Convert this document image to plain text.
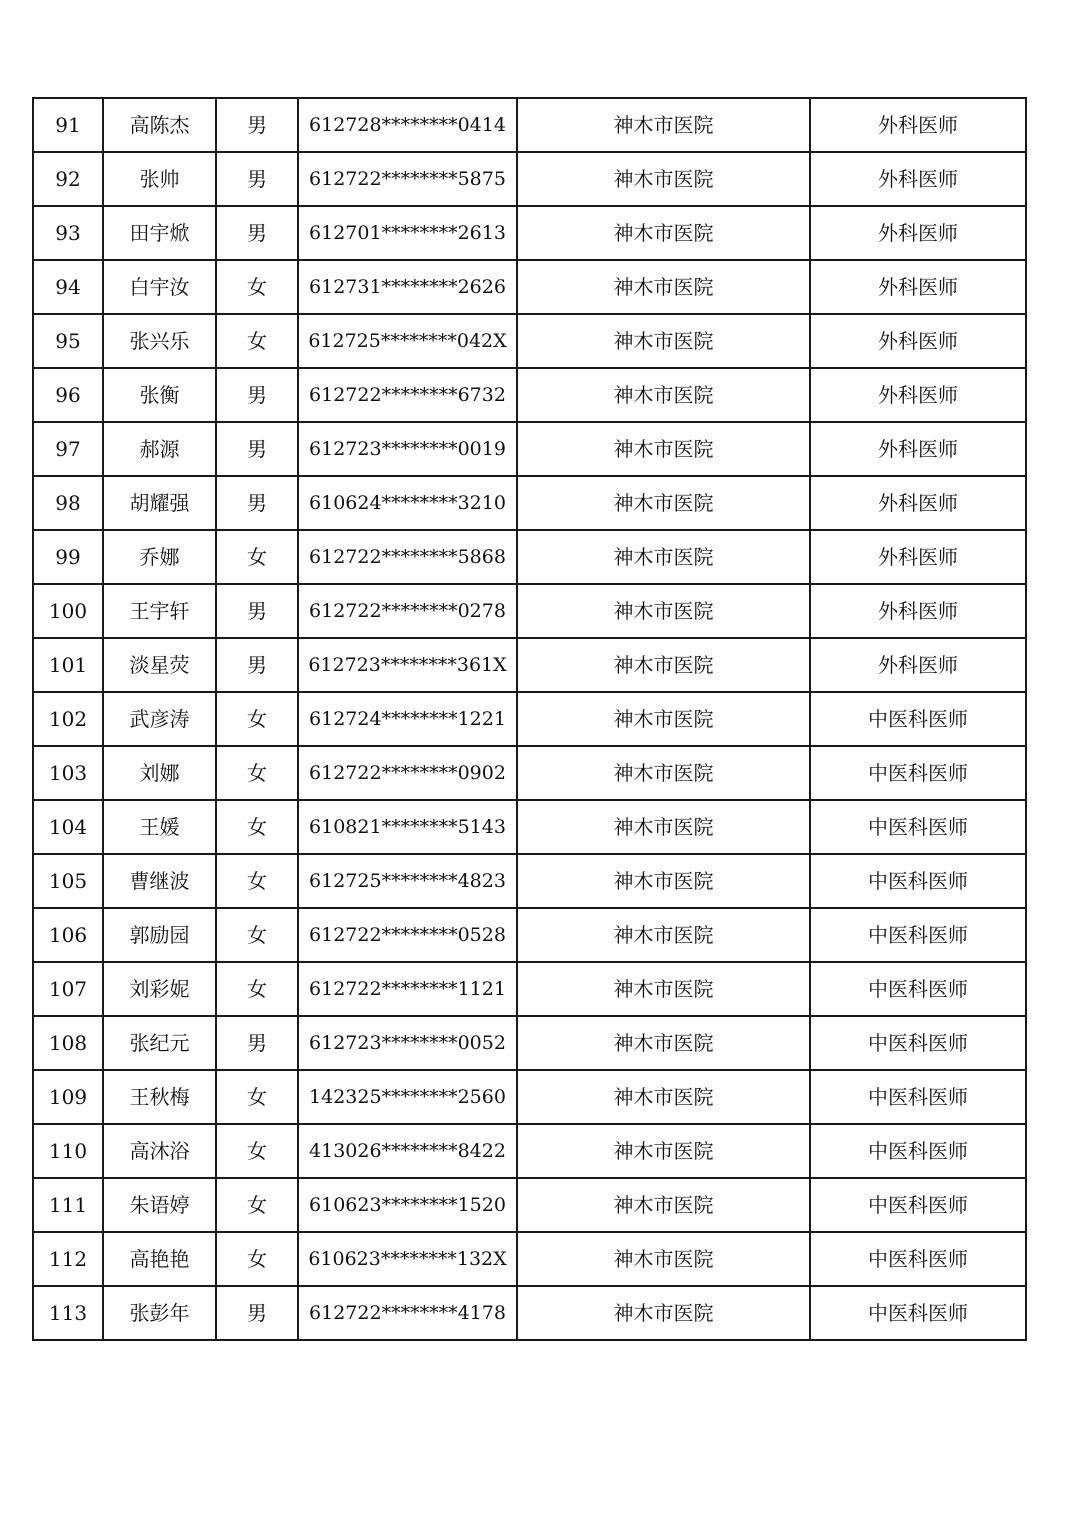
91	高陈杰	男	612728********0414	神木市医院	外科医师
92	张帅	男	612722********5875	神木市医院	外科医师
93	田宇焮	男	612701********2613	神木市医院	外科医师
94	白宇汝	女	612731********2626	神木市医院	外科医师
95	张兴乐	女	612725********042X	神木市医院	外科医师
96	张衡	男	612722********6732	神木市医院	外科医师
97	郝源	男	612723********0019	神木市医院	外科医师
98	胡耀强	男	610624********3210	神木市医院	外科医师
99	乔娜	女	612722********5868	神木市医院	外科医师
100	王宇轩	男	612722********0278	神木市医院	外科医师
101	淡星荧	男	612723********361X	神木市医院	外科医师
102	武彦涛	女	612724********1221	神木市医院	中医科医师
103	刘娜	女	612722********0902	神木市医院	中医科医师
104	王媛	女	610821********5143	神木市医院	中医科医师
105	曹继波	女	612725********4823	神木市医院	中医科医师
106	郭励园	女	612722********0528	神木市医院	中医科医师
107	刘彩妮	女	612722********1121	神木市医院	中医科医师
108	张纪元	男	612723********0052	神木市医院	中医科医师
109	王秋梅	女	142325********2560	神木市医院	中医科医师
110	高沐浴	女	413026********8422	神木市医院	中医科医师
111	朱语婷	女	610623********1520	神木市医院	中医科医师
112	高艳艳	女	610623********132X	神木市医院	中医科医师
113	张彭年	男	612722********4178	神木市医院	中医科医师
